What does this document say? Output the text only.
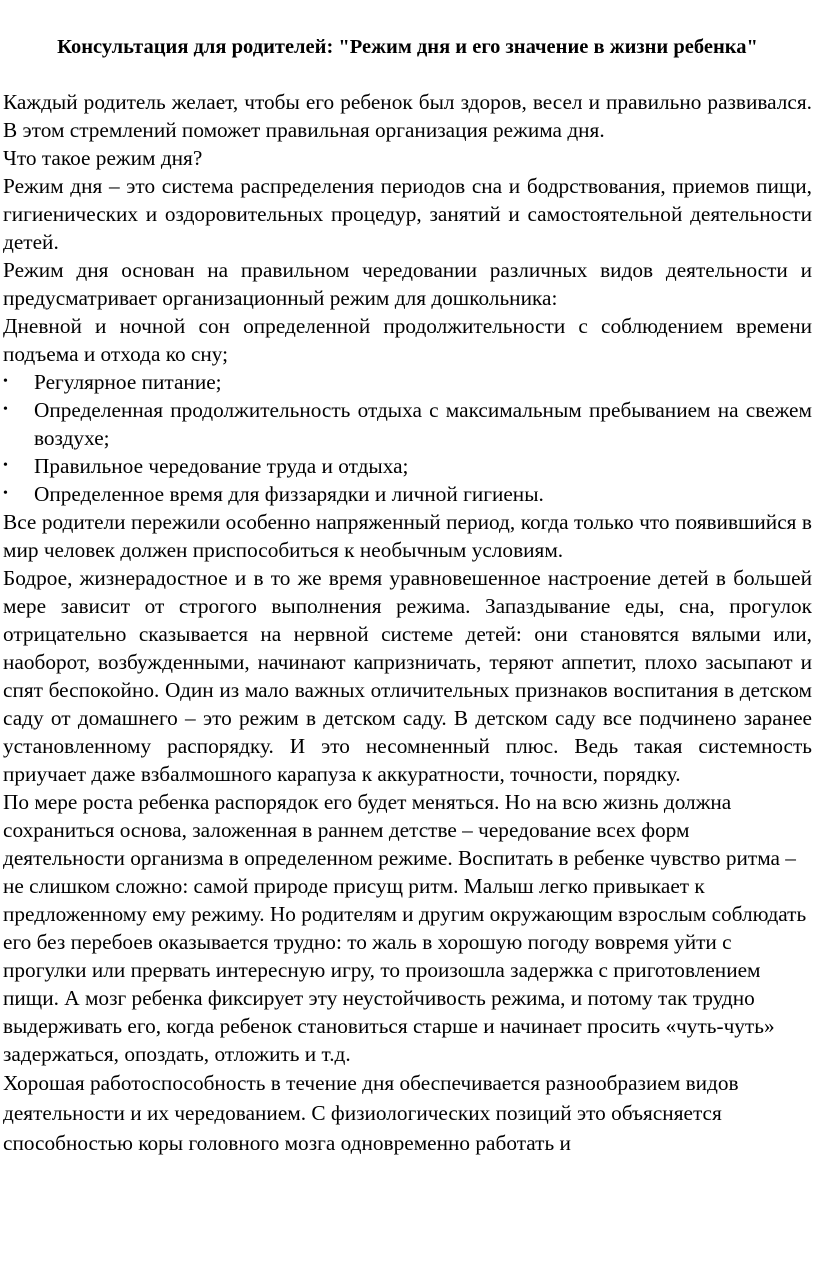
Консультация для родителей: "Режим дня и его значение в жизни ребенка"

Каждый родитель желает, чтобы его ребенок был здоров, весел и правильно развивался. В этом стремлений поможет правильная организация режима дня.

Что такое режим дня?

Режим дня – это система распределения периодов сна и бодрствования, приемов пищи, гигиенических и оздоровительных процедур, занятий и самостоятельной деятельности детей.

Режим дня основан на правильном чередовании различных видов деятельности и предусматривает организационный режим для дошкольника:

Дневной и ночной сон определенной продолжительности с соблюдением времени подъема и отхода ко сну;

•	Регулярное питание;
•	Определенная продолжительность отдыха с максимальным пребыванием на свежем воздухе;
•	Правильное чередование труда и отдыха;
•	Определенное время для физзарядки и личной гигиены.

Все родители пережили особенно напряженный период, когда только что появившийся в мир человек должен приспособиться к необычным условиям.

Бодрое, жизнерадостное и в то же время уравновешенное настроение детей в большей мере зависит от строгого выполнения режима. Запаздывание еды, сна, прогулок отрицательно сказывается на нервной системе детей: они становятся вялыми или, наоборот, возбужденными, начинают капризничать, теряют аппетит, плохо засыпают и спят беспокойно. Один из мало важных отличительных признаков воспитания в детском саду от домашнего – это режим в детском саду. В детском саду все подчинено заранее установленному распорядку. И это несомненный плюс. Ведь такая системность приучает даже взбалмошного карапуза к аккуратности, точности, порядку.

По мере роста ребенка распорядок его будет меняться. Но на всю жизнь должна сохраниться основа, заложенная в раннем детстве – чередование всех форм деятельности организма в определенном режиме. Воспитать в ребенке чувство ритма – не слишком сложно: самой природе присущ ритм. Малыш легко привыкает к предложенному ему режиму. Но родителям и другим окружающим взрослым соблюдать его без перебоев оказывается трудно: то жаль в хорошую погоду вовремя уйти с прогулки или прервать интересную игру, то произошла задержка с приготовлением пищи. А мозг ребенка фиксирует эту неустойчивость режима, и потому так трудно выдерживать его, когда ребенок становиться старше и начинает просить «чуть-чуть» задержаться, опоздать, отложить и т.д.

Хорошая работоспособность в течение дня обеспечивается разнообразием видов деятельности и их чередованием. С физиологических позиций это объясняется способностью коры головного мозга одновременно работать и
